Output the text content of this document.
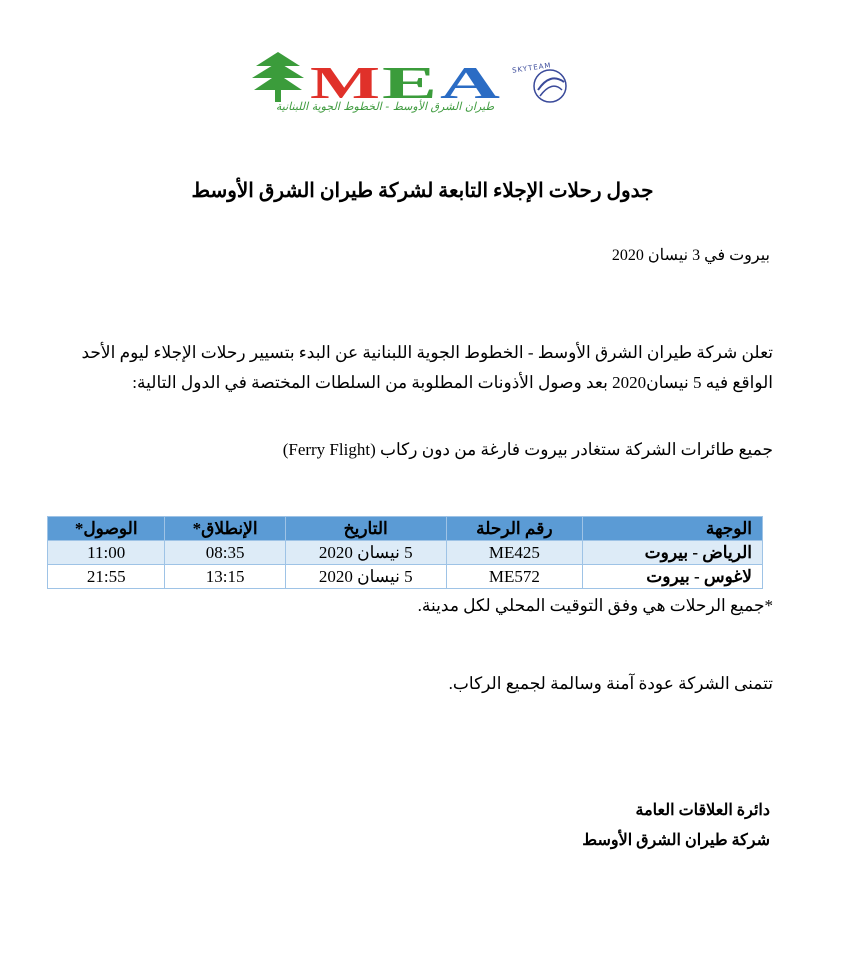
M E A SKYTEAM
طيران الشرق الأوسط - الخطوط الجوية اللبنانية
جدول رحلات الإجلاء التابعة لشركة طيران الشرق الأوسط
بيروت في 3 نيسان 2020
تعلن شركة طيران الشرق الأوسط - الخطوط الجوية اللبنانية عن البدء بتسيير رحلات الإجلاء ليوم الأحد
الواقع فيه 5 نيسان2020 بعد وصول الأذونات المطلوبة من السلطات المختصة في الدول التالية:
جميع طائرات الشركة ستغادر بيروت فارغة من دون ركاب (Ferry Flight)
الوجهة	رقم الرحلة	التاريخ	الإنطلاق*	الوصول*
الرياض - بيروت	ME425	5 نيسان 2020	08:35	11:00
لاغوس - بيروت	ME572	5 نيسان 2020	13:15	21:55
*جميع الرحلات هي وفق التوقيت المحلي لكل مدينة.
تتمنى الشركة عودة آمنة وسالمة لجميع الركاب.
دائرة العلاقات العامة
شركة طيران الشرق الأوسط
